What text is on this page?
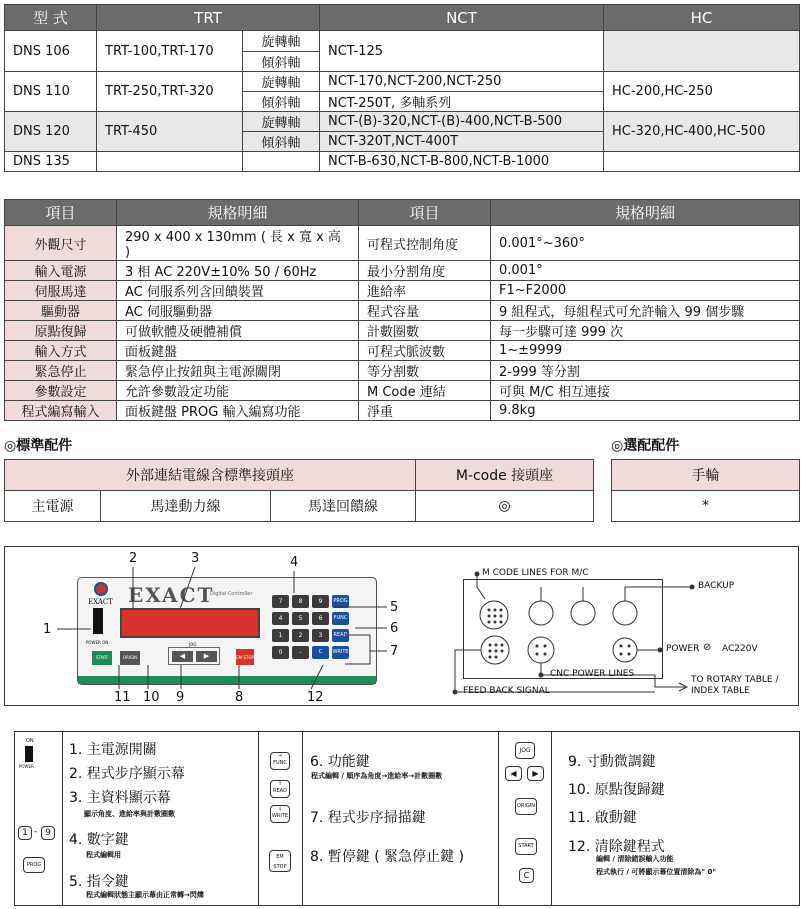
型 式	TRT		NCT	HC
DNS 106	TRT-100,TRT-170	旋轉軸	NCT-125	
		傾斜軸		
DNS 110	TRT-250,TRT-320	旋轉軸	NCT-170,NCT-200,NCT-250	HC-200,HC-250
		傾斜軸	NCT-250T, 多軸系列	
DNS 120	TRT-450	旋轉軸	NCT-(B)-320,NCT-(B)-400,NCT-B-500	HC-320,HC-400,HC-500
		傾斜軸	NCT-320T,NCT-400T	
DNS 135			NCT-B-630,NCT-B-800,NCT-B-1000	
項目	規格明細	項目	規格明細
外觀尺寸	290 x 400 x 130mm ( 長 x 寬 x 高 )	可程式控制角度	0.001°~360°
輸入電源	3 相 AC 220V±10% 50 / 60Hz	最小分割角度	0.001°
伺服馬達	AC 伺服系列含回饋裝置	進給率	F1~F2000
驅動器	AC 伺服驅動器	程式容量	9 組程式，每組程式可允許輸入 99 個步驟
原點復歸	可做軟體及硬體補償	計數圈數	每一步驟可達 999 次
輸入方式	面板鍵盤	可程式脈波數	1~±9999
緊急停止	緊急停止按鈕與主電源關閉	等分割數	2-999 等分割
參數設定	允許參數設定功能	M Code 連結	可與 M/C 相互連接
程式編寫輸入	面板鍵盤 PROG 輸入編寫功能	淨重	9.8kg
◎標準配件
外部連結電線含標準接頭座			M-code 接頭座
主電源	馬達動力線	馬達回饋線	◎
◎選配配件
手輪
*
EXACT EXACT
Digital Controller
POWER ON
7	8	9	PROG
4	5	6	FUNC
1	2	3	READ
0	-	C	WRITE
START	ORIGIN
JOG
◀	▶	EM STOP
1
2	3	4
5
6
7
8
9
10
11	12
M CODE LINES FOR M/C
BACKUP
POWER ⊘ AC220V
CNC POWER LINES
FEED BACK SIGNAL
TO ROTARY TABLE /
INDEX TABLE
ON
POWER
1 - 9
PROG
1. 主電源開關
2. 程式步序顯示幕
3. 主資料顯示幕
顯示角度、進給率與計數圈數
4. 數字鍵
程式編輯用
5. 指令鍵
程式編輯狀態主顯示幕由正常轉→閃爍
→
FUNC
↑
READ
↓
WRITE
EM STOP
6. 功能鍵
程式編輯 / 順序為角度→進給率→計數圈數
7. 程式步序掃描鍵
8. 暫停鍵 ( 緊急停止鍵 )
JOG
◀	▶
ORIGIN
START
C
9. 寸動微調鍵
10. 原點復歸鍵
11. 啟動鍵
12. 清除鍵程式
編輯 / 清除錯誤輸入功能
程式執行 / 可將顯示幕位置清除為" 0"
